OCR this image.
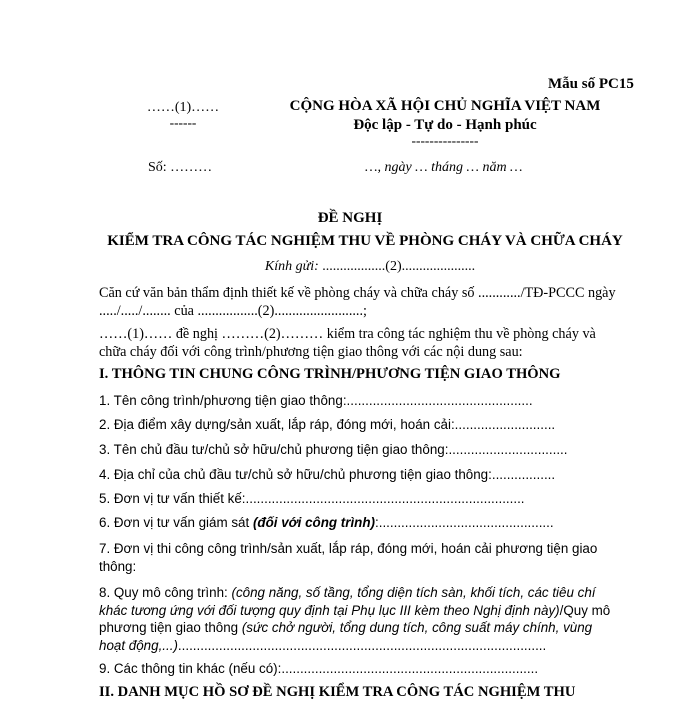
Mẫu số PC15
……(1)……
------
CỘNG HÒA XÃ HỘI CHỦ NGHĨA VIỆT NAM
Độc lập - Tự do - Hạnh phúc
---------------
Số: ………	…, ngày … tháng … năm …
ĐỀ NGHỊ
KIỂM TRA CÔNG TÁC NGHIỆM THU VỀ PHÒNG CHÁY VÀ CHỮA CHÁY
Kính gửi: ..................(2).....................
Căn cứ văn bản thẩm định thiết kế về phòng cháy và chữa cháy số ............/TĐ-PCCC ngày ...../...../........ của .................(2).........................;
……(1)…… đề nghị ………(2)……… kiểm tra công tác nghiệm thu về phòng cháy và chữa cháy đối với công trình/phương tiện giao thông với các nội dung sau:
I. THÔNG TIN CHUNG CÔNG TRÌNH/PHƯƠNG TIỆN GIAO THÔNG
1. Tên công trình/phương tiện giao thông:..................................................
2. Địa điểm xây dựng/sản xuất, lắp ráp, đóng mới, hoán cải:...........................
3. Tên chủ đầu tư/chủ sở hữu/chủ phương tiện giao thông:................................
4. Địa chỉ của chủ đầu tư/chủ sở hữu/chủ phương tiện giao thông:.................
5. Đơn vị tư vấn thiết kế:...........................................................................
6. Đơn vị tư vấn giám sát (đối với công trình):...............................................
7. Đơn vị thi công công trình/sản xuất, lắp ráp, đóng mới, hoán cải phương tiện giao thông:
8. Quy mô công trình: (công năng, số tầng, tổng diện tích sàn, khối tích, các tiêu chí khác tương ứng với đối tượng quy định tại Phụ lục III kèm theo Nghị định này)/Quy mô phương tiện giao thông (sức chở người, tổng dung tích, công suất máy chính, vùng hoạt động,...)...................................................................................................
9. Các thông tin khác (nếu có):.....................................................................
II. DANH MỤC HỒ SƠ ĐỀ NGHỊ KIỂM TRA CÔNG TÁC NGHIỆM THU
